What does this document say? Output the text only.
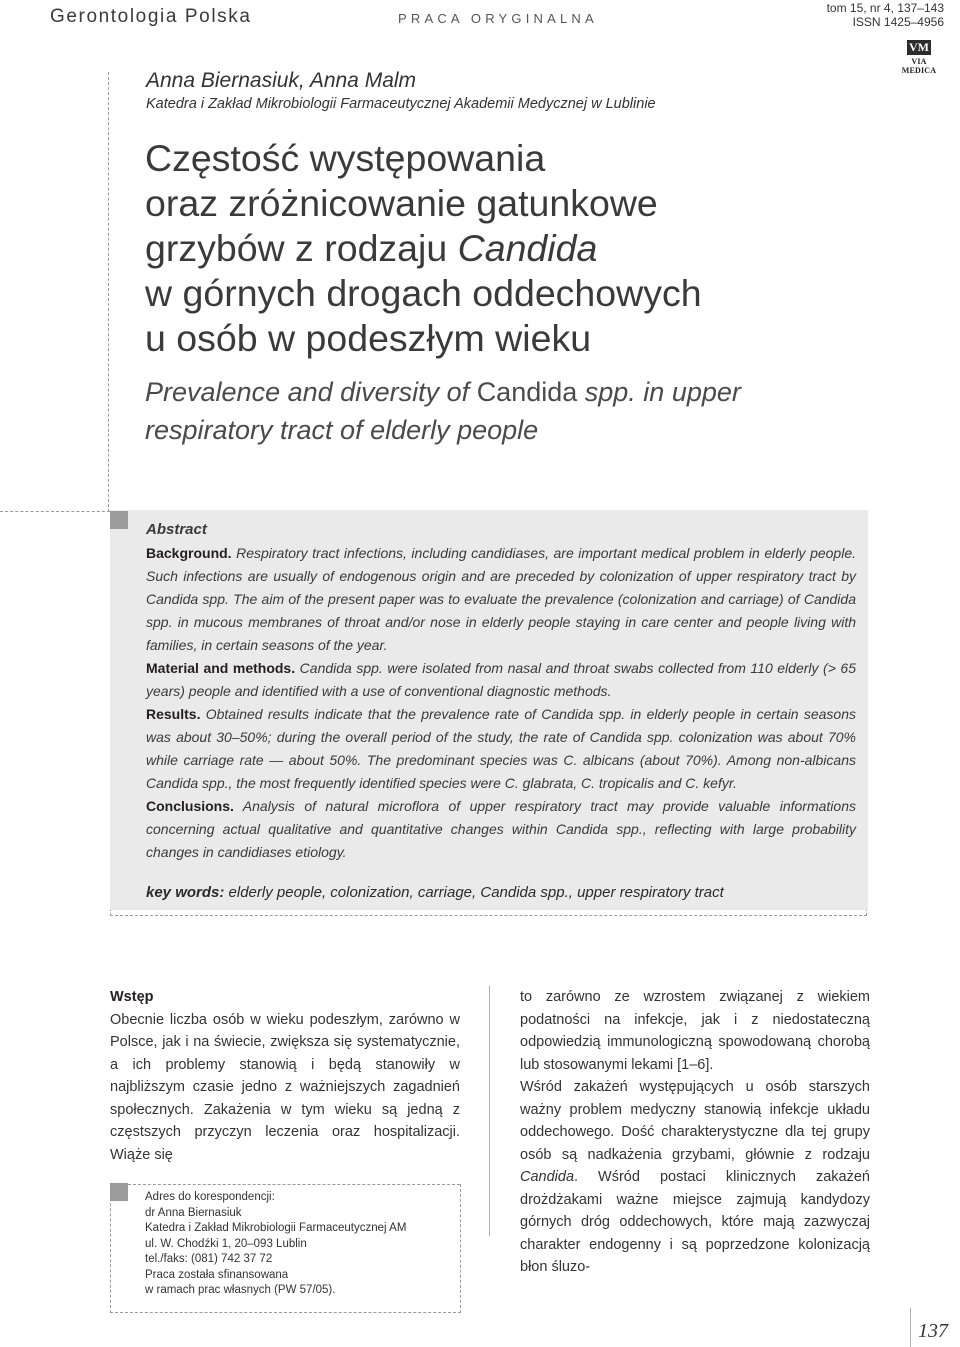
Gerontologia Polska	PRACA ORYGINALNA
tom 15, nr 4, 137–143
ISSN 1425–4956
VM
VIA MEDICA
Anna Biernasiuk, Anna Malm
Katedra i Zakład Mikrobiologii Farmaceutycznej Akademii Medycznej w Lublinie
Częstość występowania
oraz zróżnicowanie gatunkowe
grzybów z rodzaju Candida
w górnych drogach oddechowych
u osób w podeszłym wieku
Prevalence and diversity of Candida spp. in upper
respiratory tract of elderly people
Abstract

Background. Respiratory tract infections, including candidiases, are important medical problem in elderly people. Such infections are usually of endogenous origin and are preceded by colonization of upper respiratory tract by Candida spp. The aim of the present paper was to evaluate the prevalence (colonization and carriage) of Candida spp. in mucous membranes of throat and/or nose in elderly people staying in care center and people living with families, in certain seasons of the year.

Material and methods. Candida spp. were isolated from nasal and throat swabs collected from 110 elderly (> 65 years) people and identified with a use of conventional diagnostic methods.

Results. Obtained results indicate that the prevalence rate of Candida spp. in elderly people in certain seasons was about 30–50%; during the overall period of the study, the rate of Candida spp. colonization was about 70% while carriage rate — about 50%. The predominant species was C. albicans (about 70%). Among non-albicans Candida spp., the most frequently identified species were C. glabrata, C. tropicalis and C. kefyr.

Conclusions. Analysis of natural microflora of upper respiratory tract may provide valuable informations concerning actual qualitative and quantitative changes within Candida spp., reflecting with large probability changes in candidiases etiology.

key words: elderly people, colonization, carriage, Candida spp., upper respiratory tract
Wstęp

Obecnie liczba osób w wieku podeszłym, zarówno w Polsce, jak i na świecie, zwiększa się systematycznie, a ich problemy stanowią i będą stanowiły w najbliższym czasie jedno z ważniejszych zagadnień społecznych. Zakażenia w tym wieku są jedną z częstszych przyczyn leczenia oraz hospitalizacji. Wiąże się

to zarówno ze wzrostem związanej z wiekiem podatności na infekcje, jak i z niedostateczną odpowiedzią immunologiczną spowodowaną chorobą lub stosowanymi lekami [1–6].

Wśród zakażeń występujących u osób starszych ważny problem medyczny stanowią infekcje układu oddechowego. Dość charakterystyczne dla tej grupy osób są nadkażenia grzybami, głównie z rodzaju Candida. Wśród postaci klinicznych zakażeń drożdżakami ważne miejsce zajmują kandydozy górnych dróg oddechowych, które mają zazwyczaj charakter endogenny i są poprzedzone kolonizacją błon śluzo-

Adres do korespondencji:
dr Anna Biernasiuk
Katedra i Zakład Mikrobiologii Farmaceutycznej AM
ul. W. Chodźki 1, 20–093 Lublin
tel./faks: (081) 742 37 72
Praca została sfinansowana
w ramach prac własnych (PW 57/05).
137
